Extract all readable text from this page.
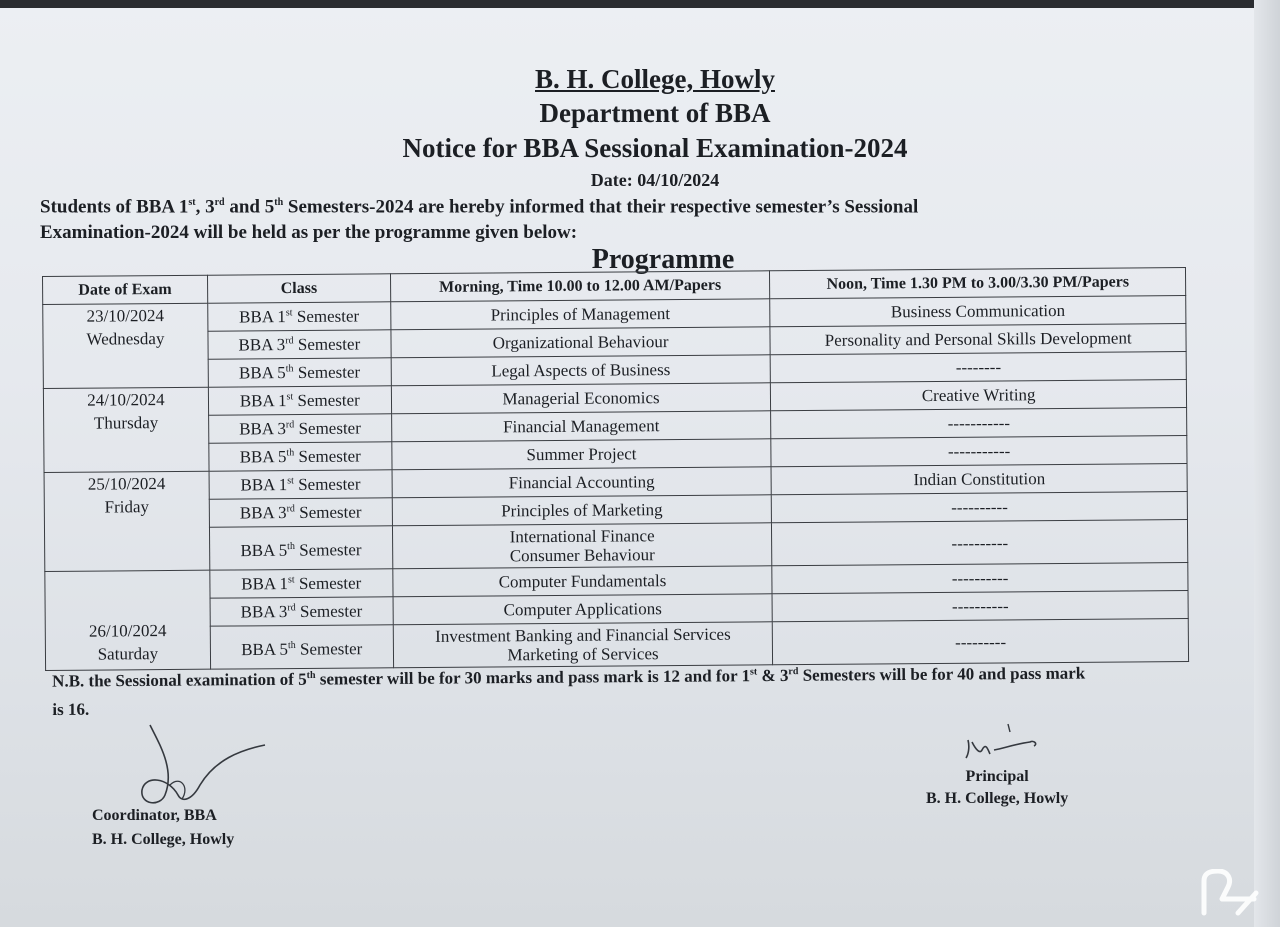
B. H. College, Howly
Department of BBA
Notice for BBA Sessional Examination-2024
Date: 04/10/2024
Students of BBA 1st, 3rd and 5th Semesters-2024 are hereby informed that their respective semester’s Sessional
Examination-2024 will be held as per the programme given below:
Programme
Date of Exam	Class	Morning, Time 10.00 to 12.00 AM/Papers	Noon, Time 1.30 PM to 3.00/3.30 PM/Papers

23/10/2024
Wednesday	BBA 1st Semester	Principles of Management	Business Communication
	BBA 3rd Semester	Organizational Behaviour	Personality and Personal Skills Development
	BBA 5th Semester	Legal Aspects of Business	--------

24/10/2024
Thursday	BBA 1st Semester	Managerial Economics	Creative Writing
	BBA 3rd Semester	Financial Management	-----------
	BBA 5th Semester	Summer Project	-----------

25/10/2024
Friday	BBA 1st Semester	Financial Accounting	Indian Constitution
	BBA 3rd Semester	Principles of Marketing	----------
	BBA 5th Semester	International Finance
Consumer Behaviour	----------

26/10/2024
Saturday	BBA 1st Semester	Computer Fundamentals	----------
	BBA 3rd Semester	Computer Applications	----------
	BBA 5th Semester	Investment Banking and Financial Services
Marketing of Services	---------
N.B. the Sessional examination of 5th semester will be for 30 marks and pass mark is 12 and for 1st & 3rd Semesters will be for 40 and pass mark
is 16.
Coordinator, BBA
B. H. College, Howly
Principal
B. H. College, Howly
